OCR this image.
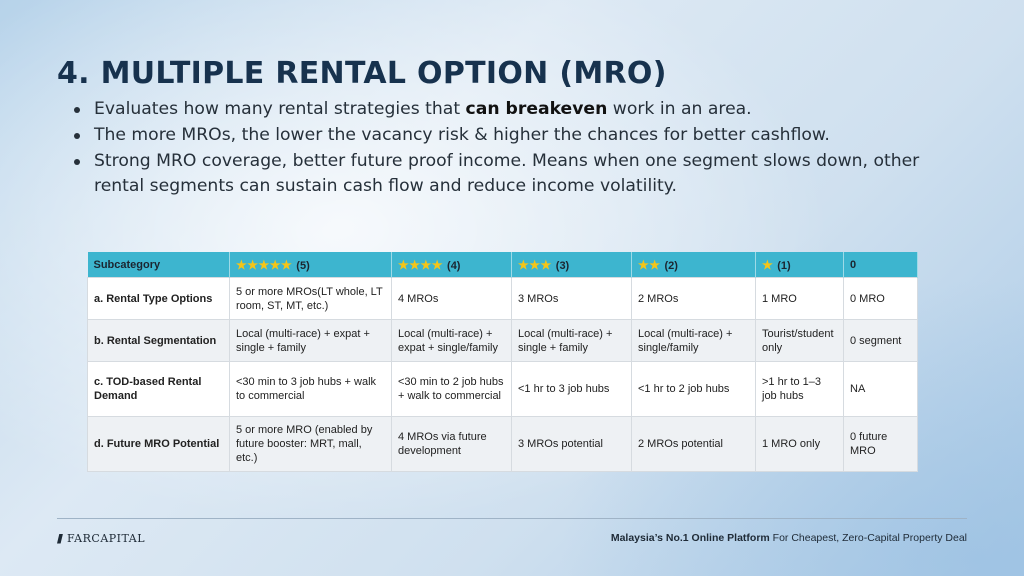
4. MULTIPLE RENTAL OPTION (MRO)
Evaluates how many rental strategies that can breakeven work in an area.
The more MROs, the lower the vacancy risk & higher the chances for better cashflow.
Strong MRO coverage, better future proof income. Means when one segment slows down, other rental segments can sustain cash flow and reduce income volatility.
Subcategory	★★★★★ (5)	★★★★ (4)	★★★ (3)	★★ (2)	★ (1)	0
a. Rental Type Options	5 or more MROs(LT whole, LT room, ST, MT, etc.)	4 MROs	3 MROs	2 MROs	1 MRO	0 MRO
b. Rental Segmentation	Local (multi-race) + expat + single + family	Local (multi-race) + expat + single/family	Local (multi-race) + single + family	Local (multi-race) + single/family	Tourist/student only	0 segment
c. TOD-based Rental Demand	<30 min to 3 job hubs + walk to commercial	<30 min to 2 job hubs + walk to commercial	<1 hr to 3 job hubs	<1 hr to 2 job hubs	>1 hr to 1–3 job hubs	NA
d. Future MRO Potential	5 or more MRO (enabled by future booster: MRT, mall, etc.)	4 MROs via future development	3 MROs potential	2 MROs potential	1 MRO only	0 future MRO
FARCAPITAL	Malaysia’s No.1 Online Platform For Cheapest, Zero-Capital Property Deal
